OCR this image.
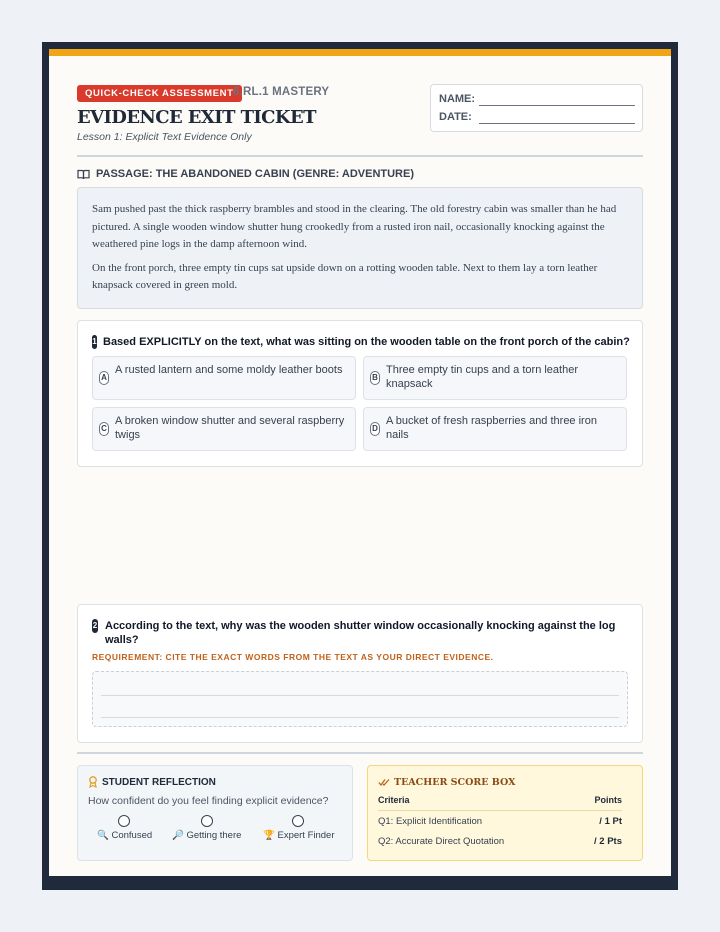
QUICK-CHECK ASSESSMENT 6.RL.1 MASTERY
EVIDENCE EXIT TICKET
Lesson 1: Explicit Text Evidence Only
NAME:
DATE:
PASSAGE: THE ABANDONED CABIN (GENRE: ADVENTURE)

Sam pushed past the thick raspberry brambles and stood in the clearing. The old forestry cabin was smaller than he had pictured. A single wooden window shutter hung crookedly from a rusted iron nail, occasionally knocking against the weathered pine logs in the damp afternoon wind.

On the front porch, three empty tin cups sat upside down on a rotting wooden table. Next to them lay a torn leather knapsack covered in green mold.

1 Based EXPLICITLY on the text, what was sitting on the wooden table on the front porch of the cabin?
A
A rusted lantern and some moldy leather boots
B
Three empty tin cups and a torn leather knapsack
C
A broken window shutter and several raspberry twigs
D
A bucket of fresh raspberries and three iron nails
2 According to the text, why was the wooden shutter window occasionally knocking against the log walls?
REQUIREMENT: CITE THE EXACT WORDS FROM THE TEXT AS YOUR DIRECT EVIDENCE.
STUDENT REFLECTION
How confident do you feel finding explicit evidence?
🔍 Confused 🔎 Getting there 🏆 Expert Finder
TEACHER SCORE BOX
Criteria	Points
Q1: Explicit Identification	/ 1 Pt
Q2: Accurate Direct Quotation	/ 2 Pts
